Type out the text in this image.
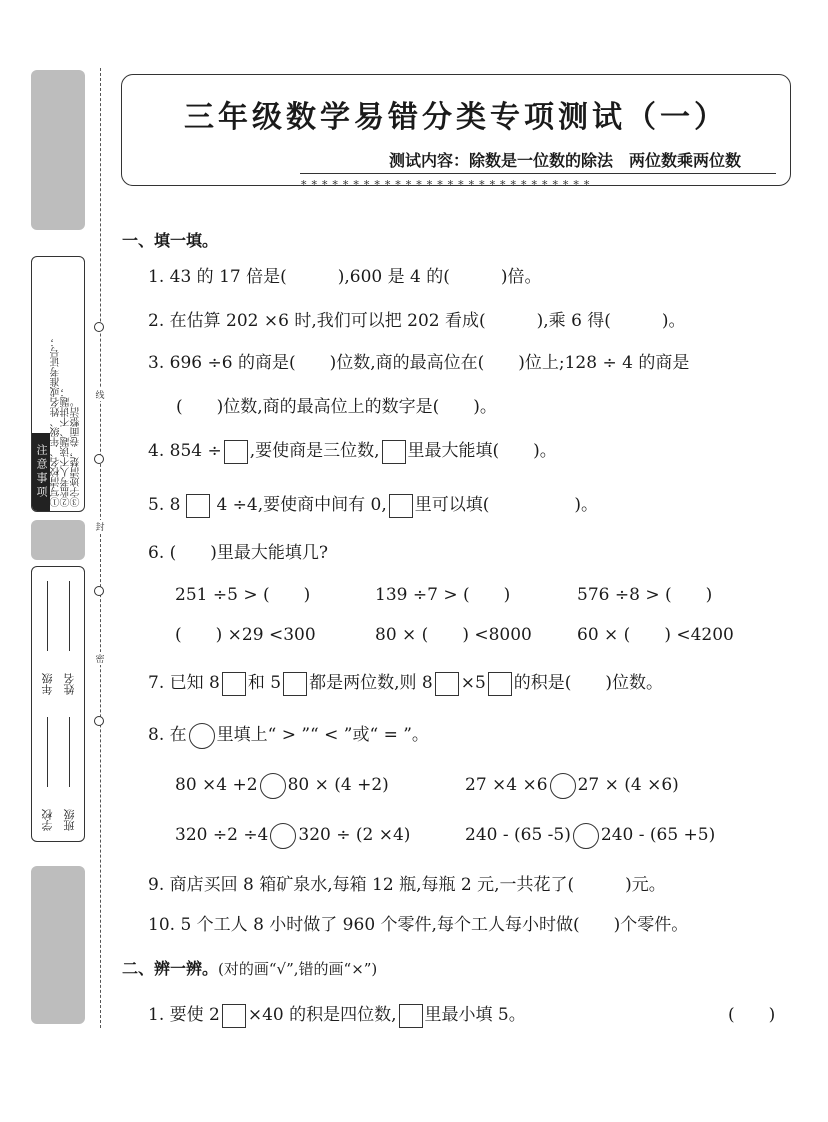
①写清校名、年级、姓名或准考证号； ②监考人不读题、不讲题； ③字迹清楚，卷面整洁。
注意事项
学校
年级
班级
姓名
线
封
密
三年级数学易错分类专项测试（一）
测试内容：除数是一位数的除法　两位数乘两位数
∗∗∗∗∗∗∗∗∗∗∗∗∗∗∗∗∗∗∗∗∗∗∗∗∗∗∗∗
一、填一填。
1. 43 的 17 倍是(　　　),600 是 4 的(　　　)倍。
2. 在估算 202 ×6 时,我们可以把 202 看成(　　　),乘 6 得(　　　)。
3. 696 ÷6 的商是(　　)位数,商的最高位在(　　)位上;128 ÷ 4 的商是
(　　)位数,商的最高位上的数字是(　　)。
4. 854 ÷ ,要使商是三位数, 里最大能填(　　)。
5. 8 4 ÷4,要使商中间有 0, 里可以填(　　　　　)。
6. (　　)里最大能填几?
251 ÷5 > (　　)	139 ÷7 > (　　)	576 ÷8 > (　　)
(　　) ×29 <300	80 × (　　) <8000	60 × (　　) <4200
7. 已知 8 和 5 都是两位数,则 8 ×5 的积是(　　)位数。
8. 在 里填上“ > ”“ < ”或“ = ”。
80 ×4 +2 80 × (4 +2)	27 ×4 ×6 27 × (4 ×6)
320 ÷2 ÷4 320 ÷ (2 ×4)	240 - (65 -5) 240 - (65 +5)
9. 商店买回 8 箱矿泉水,每箱 12 瓶,每瓶 2 元,一共花了(　　　)元。
10. 5 个工人 8 小时做了 960 个零件,每个工人每小时做(　　)个零件。
二、辨一辨。(对的画“√”,错的画“×”)
1. 要使 2 ×40 的积是四位数, 里最小填 5。	(　　)
